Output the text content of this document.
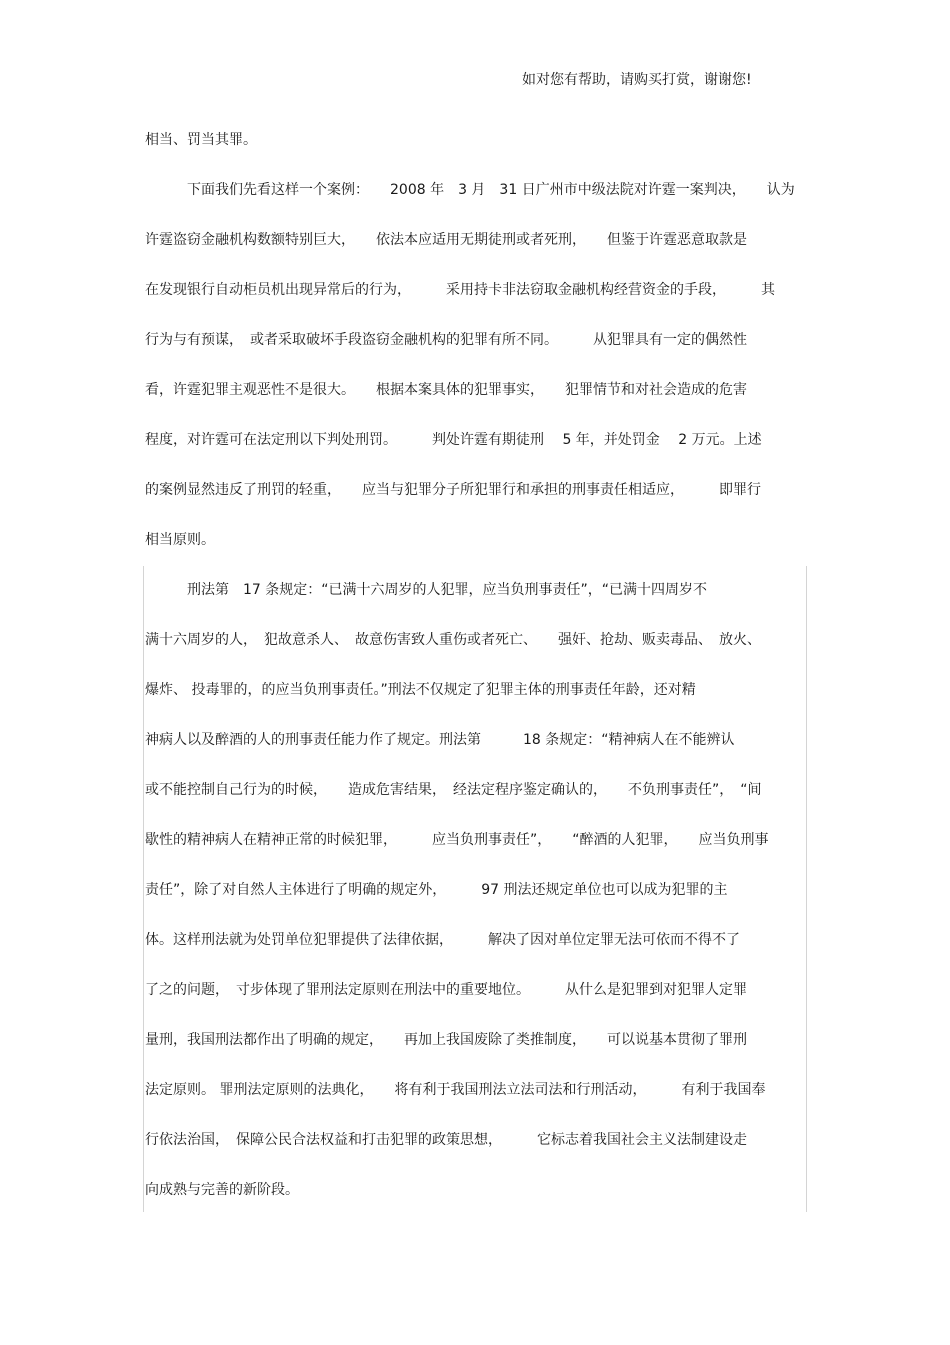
如对您有帮助，请购买打赏，谢谢您!
相当、罚当其罪。
　　　下面我们先看这样一个案例：　　2008 年　3 月　31 日广州市中级法院对许霆一案判决，　　认为
许霆盗窃金融机构数额特别巨大，　　依法本应适用无期徒刑或者死刑，　　但鉴于许霆恶意取款是
在发现银行自动柜员机出现异常后的行为，　　　采用持卡非法窃取金融机构经营资金的手段，　　　其
行为与有预谋，　或者采取破坏手段盗窃金融机构的犯罪有所不同。　　　从犯罪具有一定的偶然性
看，许霆犯罪主观恶性不是很大。　　根据本案具体的犯罪事实，　　犯罪情节和对社会造成的危害
程度，对许霆可在法定刑以下判处刑罚。　　　判处许霆有期徒刑　 5 年，并处罚金　 2 万元。上述
的案例显然违反了刑罚的轻重，　　应当与犯罪分子所犯罪行和承担的刑事责任相适应，　　　即罪行
相当原则。
　　　刑法第　17 条规定：“已满十六周岁的人犯罪，应当负刑事责任”，“已满十四周岁不
满十六周岁的人，　犯故意杀人、　故意伤害致人重伤或者死亡、　　强奸、抢劫、贩卖毒品、　放火、
爆炸、 投毒罪的，的应当负刑事责任。”刑法不仅规定了犯罪主体的刑事责任年龄，还对精
神病人以及醉酒的人的刑事责任能力作了规定。刑法第　　　18 条规定：“精神病人在不能辨认
或不能控制自己行为的时候，　　造成危害结果，　经法定程序鉴定确认的，　　不负刑事责任”，　“间
歇性的精神病人在精神正常的时候犯罪，　　　应当负刑事责任”，　　“醉酒的人犯罪，　　应当负刑事
责任”，除了对自然人主体进行了明确的规定外，　　　97 刑法还规定单位也可以成为犯罪的主
体。这样刑法就为处罚单位犯罪提供了法律依据，　　　解决了因对单位定罪无法可依而不得不了
了之的问题，　寸步体现了罪刑法定原则在刑法中的重要地位。　　　从什么是犯罪到对犯罪人定罪
量刑，我国刑法都作出了明确的规定，　　再加上我国废除了类推制度，　　可以说基本贯彻了罪刑
法定原则。 罪刑法定原则的法典化，　　将有利于我国刑法立法司法和行刑活动，　　　有利于我国奉
行依法治国，　保障公民合法权益和打击犯罪的政策思想，　　　它标志着我国社会主义法制建设走
向成熟与完善的新阶段。
